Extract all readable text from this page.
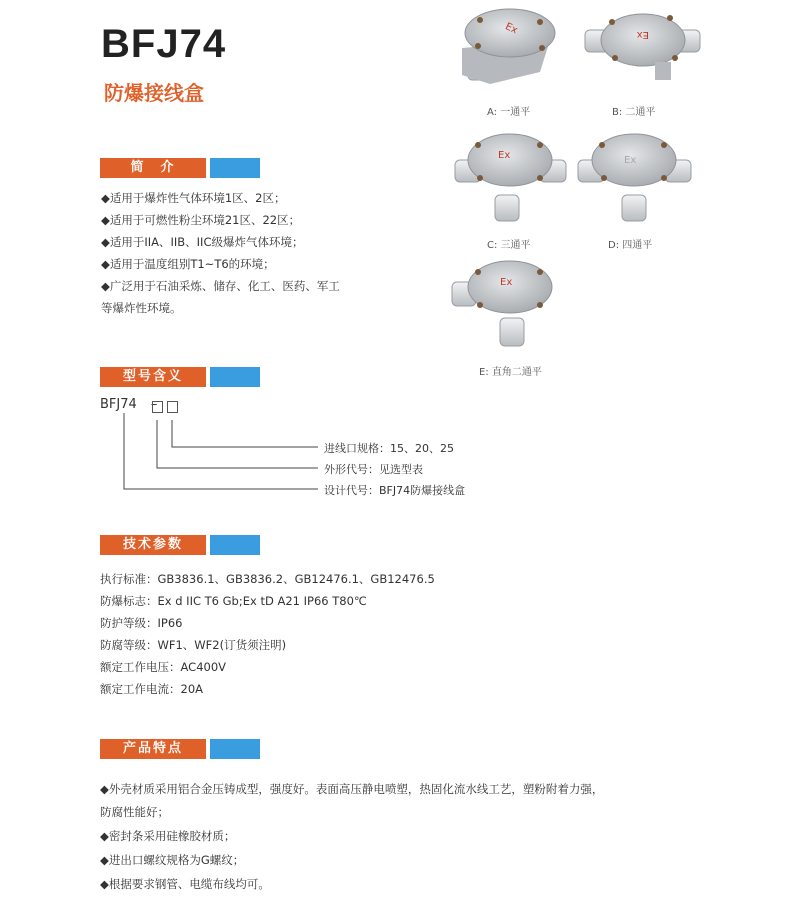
BFJ74
防爆接线盒
简　介
◆适用于爆炸性气体环境1区、2区；
◆适用于可燃性粉尘环境21区、22区；
◆适用于IIA、IIB、IIC级爆炸气体环境；
◆适用于温度组别T1~T6的环境；
◆广泛用于石油采炼、储存、化工、医药、军工
等爆炸性环境。
Ex	Ex
Ex	Ex
Ex
A: 一通平	B: 二通平
C: 三通平	D: 四通平
E: 直角二通平
型号含义
BFJ74 –
进线口规格：15、20、25
外形代号：见选型表
设计代号：BFJ74防爆接线盒
技术参数
执行标准：GB3836.1、GB3836.2、GB12476.1、GB12476.5
防爆标志：Ex d IIC T6 Gb;Ex tD A21 IP66 T80℃
防护等级：IP66
防腐等级：WF1、WF2(订货须注明)
额定工作电压：AC400V
额定工作电流：20A
产品特点
◆外壳材质采用铝合金压铸成型，强度好。表面高压静电喷塑，热固化流水线工艺，塑粉附着力强，
防腐性能好；
◆密封条采用硅橡胶材质；
◆进出口螺纹规格为G螺纹；
◆根据要求钢管、电缆布线均可。
